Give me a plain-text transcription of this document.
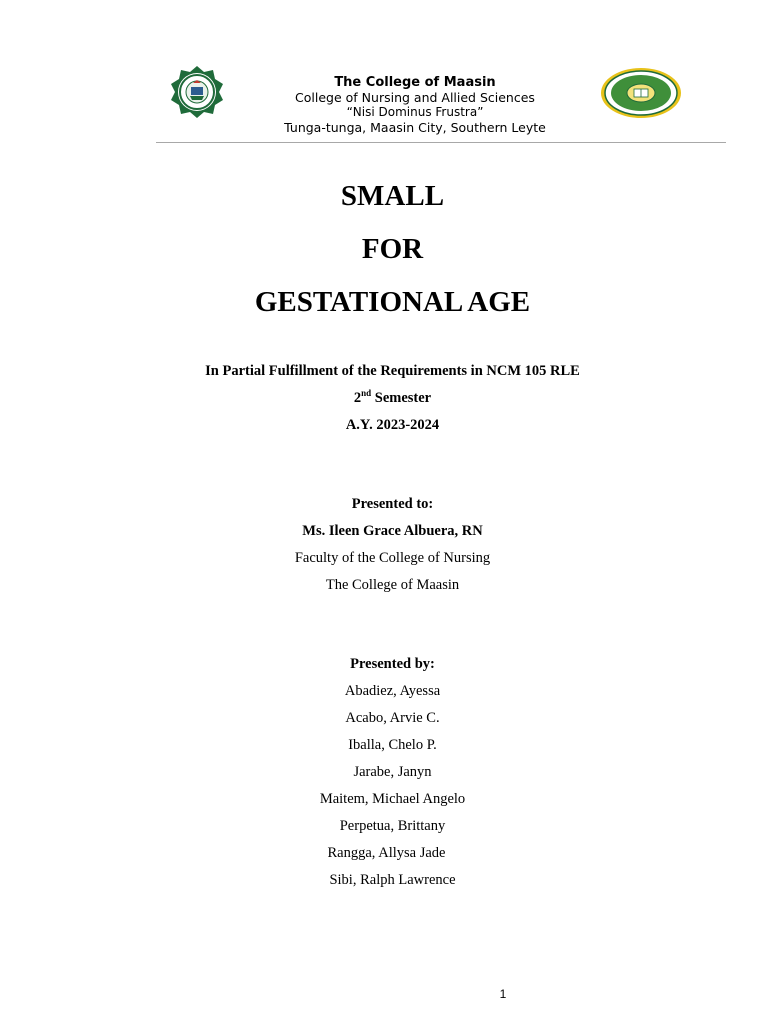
The College of Maasin
College of Nursing and Allied Sciences
“Nisi Dominus Frustra”
Tunga-tunga, Maasin City, Southern Leyte
SMALL
FOR
GESTATIONAL AGE
In Partial Fulfillment of the Requirements in NCM 105 RLE
2nd Semester
A.Y. 2023-2024
Presented to:
Ms. Ileen Grace Albuera, RN
Faculty of the College of Nursing
The College of Maasin
Presented by:
Abadiez, Ayessa
Acabo, Arvie C.
Iballa, Chelo P.
Jarabe, Janyn
Maitem, Michael Angelo
Perpetua, Brittany
Rangga, Allysa Jade
Sibi, Ralph Lawrence
1
